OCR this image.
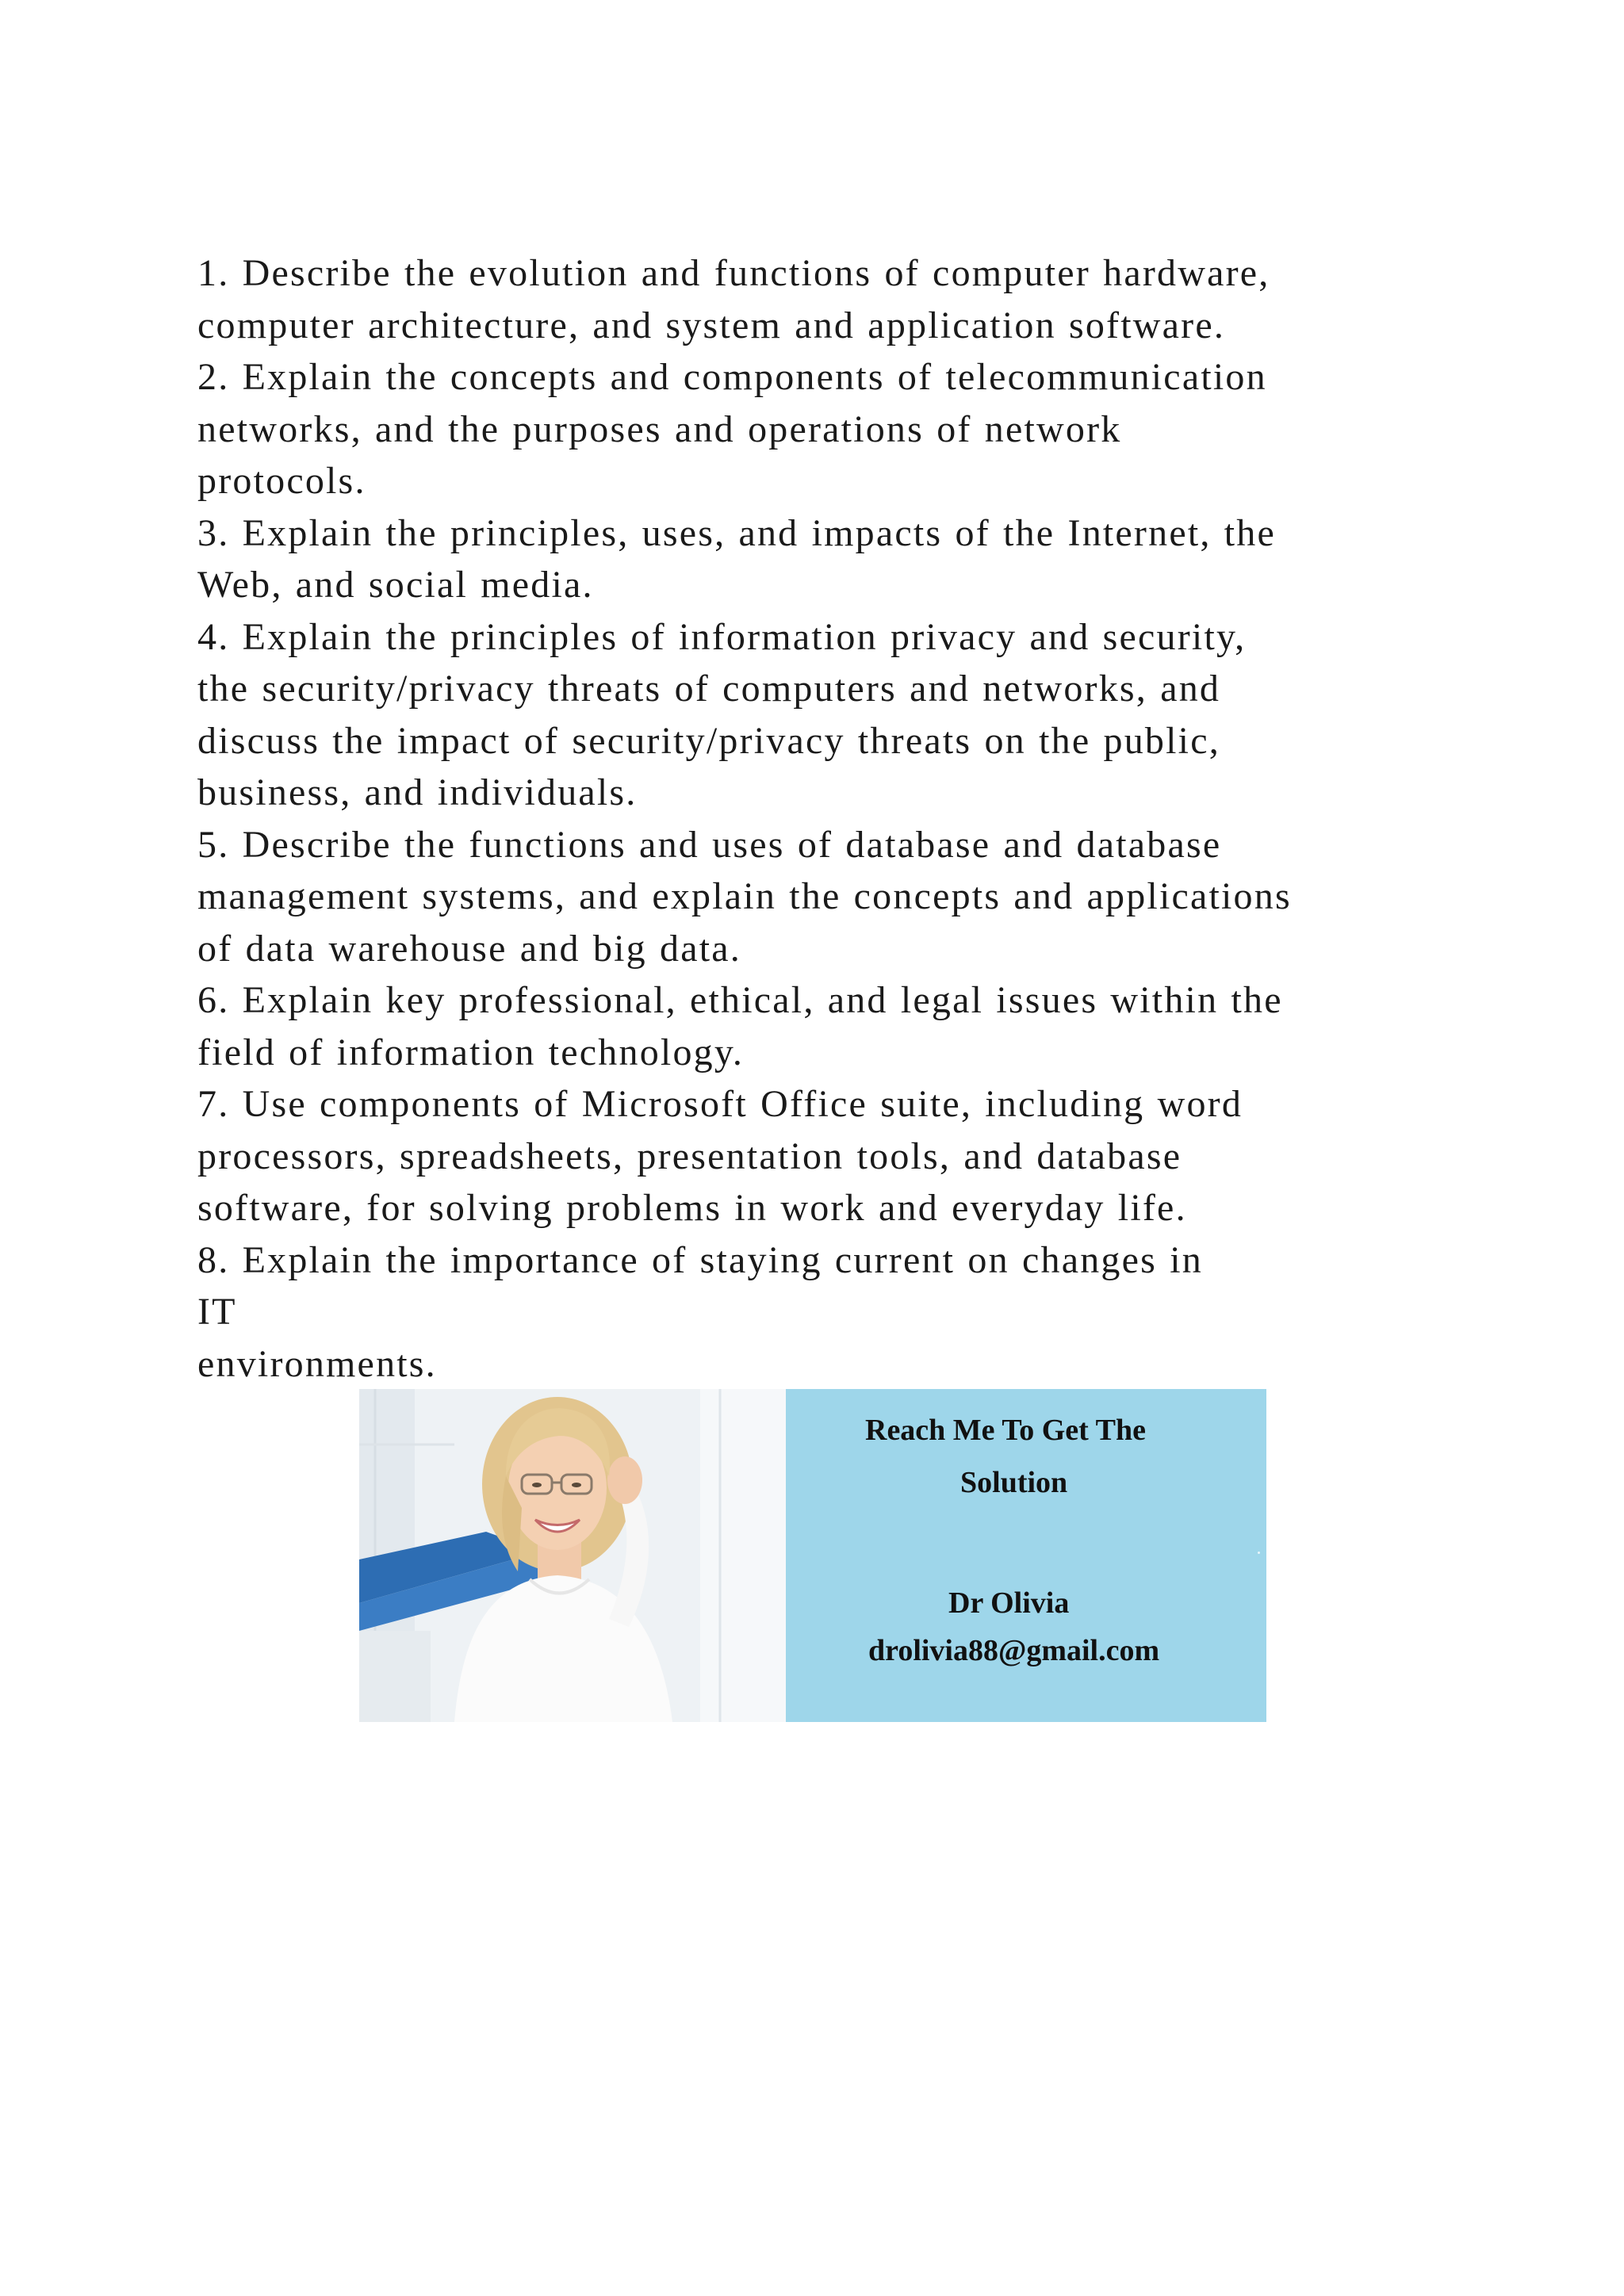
1. Describe the evolution and functions of computer hardware,
computer architecture, and system and application software.
2. Explain the concepts and components of telecommunication
networks, and the purposes and operations of network
protocols.
3. Explain the principles, uses, and impacts of the Internet, the
Web, and social media.
4. Explain the principles of information privacy and security,
the security/privacy threats of computers and networks, and
discuss the impact of security/privacy threats on the public,
business, and individuals.
5. Describe the functions and uses of database and database
management systems, and explain the concepts and applications
of data warehouse and big data.
6. Explain key professional, ethical, and legal issues within the
field of information technology.
7. Use components of Microsoft Office suite, including word
processors, spreadsheets, presentation tools, and database
software, for solving problems in work and everyday life.
8. Explain the importance of staying current on changes in
IT
environments.
Reach Me To Get The
Solution
Dr Olivia
drolivia88@gmail.com
